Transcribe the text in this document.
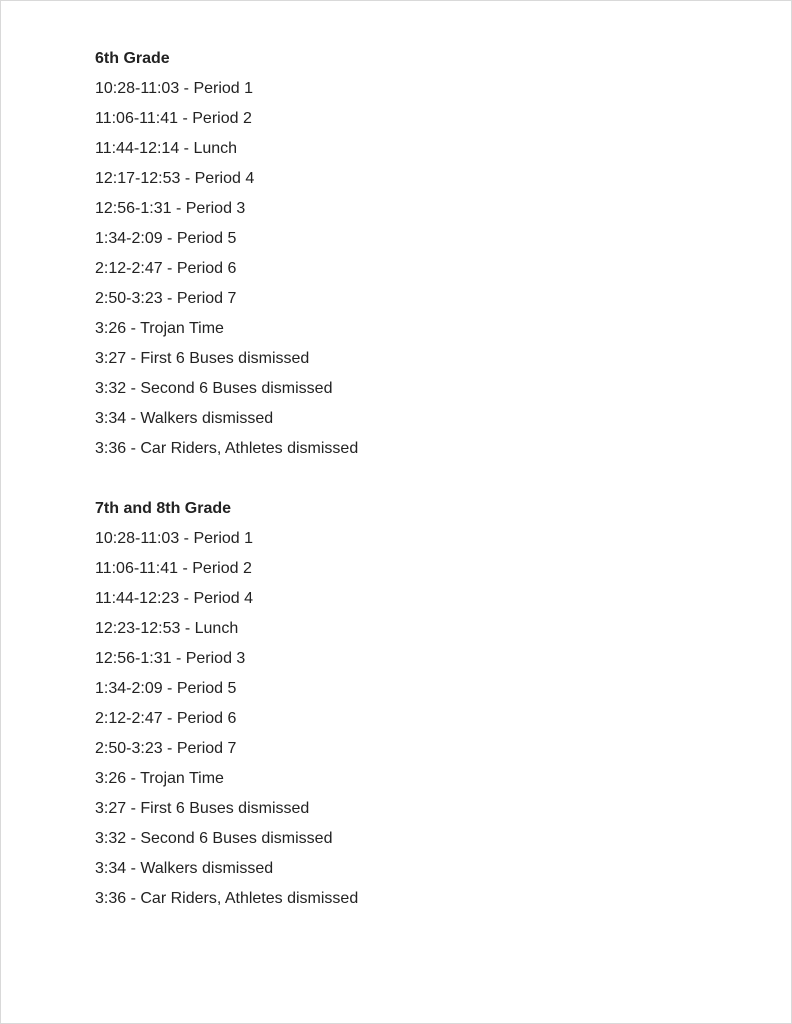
6th Grade
10:28-11:03 - Period 1
11:06-11:41 - Period 2
11:44-12:14 - Lunch
12:17-12:53 - Period 4
12:56-1:31 - Period 3
1:34-2:09 - Period 5
2:12-2:47 - Period 6
2:50-3:23 - Period 7
3:26 - Trojan Time
3:27 - First 6 Buses dismissed
3:32 - Second 6 Buses dismissed
3:34 - Walkers dismissed
3:36 - Car Riders, Athletes dismissed
7th and 8th Grade
10:28-11:03 - Period 1
11:06-11:41 - Period 2
11:44-12:23 - Period 4
12:23-12:53 - Lunch
12:56-1:31 - Period 3
1:34-2:09 - Period 5
2:12-2:47 - Period 6
2:50-3:23 - Period 7
3:26 - Trojan Time
3:27 - First 6 Buses dismissed
3:32 - Second 6 Buses dismissed
3:34 - Walkers dismissed
3:36 - Car Riders, Athletes dismissed
